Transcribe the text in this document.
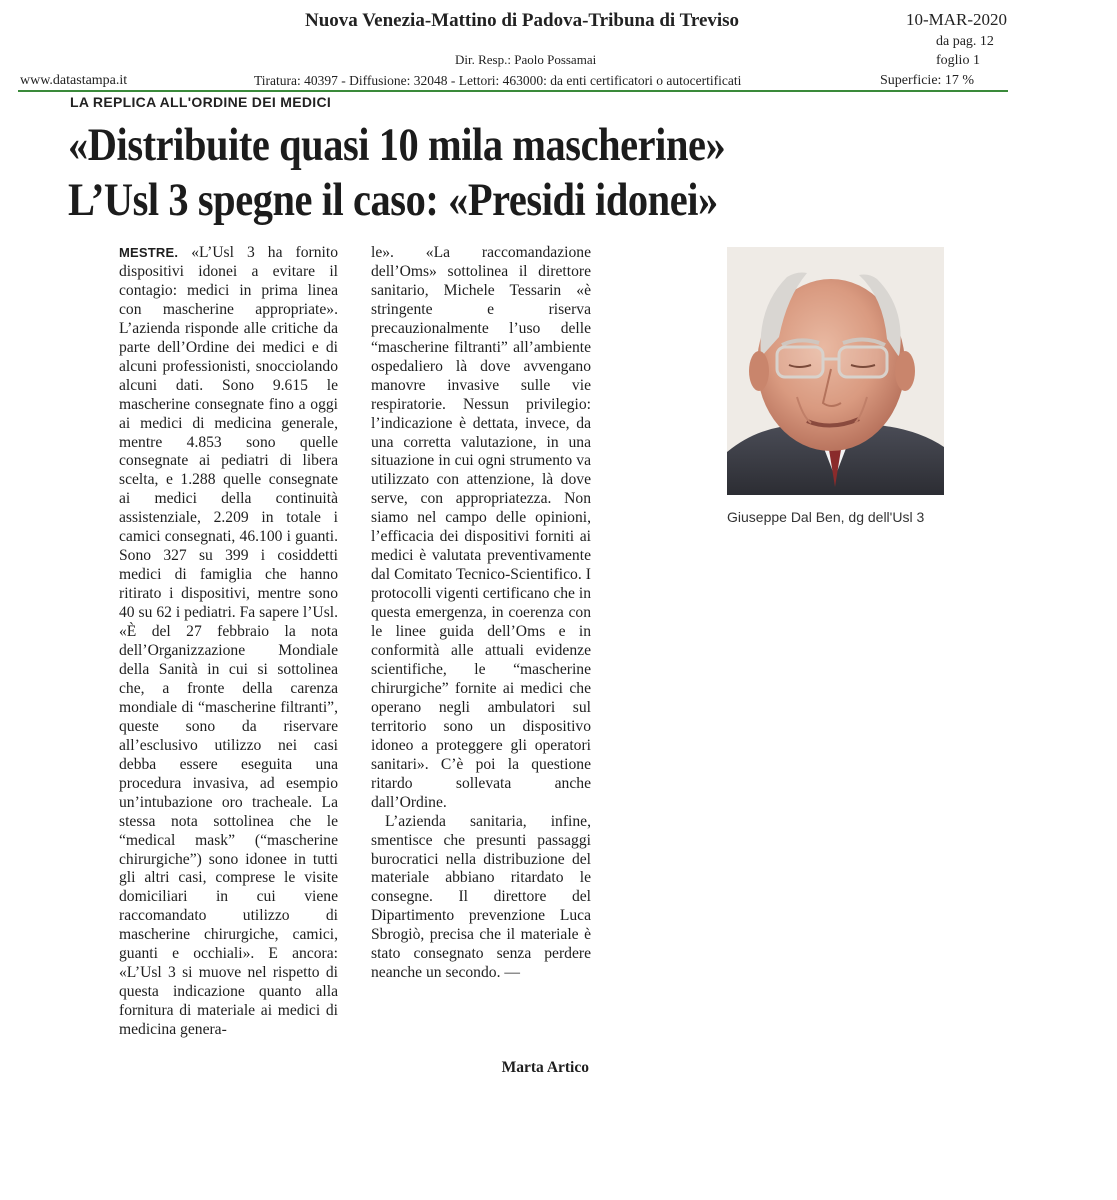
Nuova Venezia-Mattino di Padova-Tribuna di Treviso	10-MAR-2020
da pag. 12
foglio 1
Dir. Resp.: Paolo Possamai
www.datastampa.it	Tiratura: 40397 - Diffusione: 32048 - Lettori: 463000: da enti certificatori o autocertificati	Superficie: 17 %
LA REPLICA ALL'ORDINE DEI MEDICI
«Distribuite quasi 10 mila mascherine»
L’Usl 3 spegne il caso: «Presidi idonei»

MESTRE. «L’Usl 3 ha fornito dispositivi idonei a evitare il contagio: medici in prima linea con mascherine appropriate». L’azienda risponde alle critiche da parte dell’Ordine dei medici e di alcuni professionisti, snocciolando alcuni dati. Sono 9.615 le mascherine consegnate fino a oggi ai medici di medicina generale, mentre 4.853 sono quelle consegnate ai pediatri di libera scelta, e 1.288 quelle consegnate ai medici della continuità assistenziale, 2.209 in totale i camici consegnati, 46.100 i guanti. Sono 327 su 399 i cosiddetti medici di famiglia che hanno ritirato i dispositivi, mentre sono 40 su 62 i pediatri. Fa sapere l’Usl. «È del 27 febbraio la nota dell’Organizzazione Mondiale della Sanità in cui si sottolinea che, a fronte della carenza mondiale di “mascherine filtranti”, queste sono da riservare all’esclusivo utilizzo nei casi debba essere eseguita una procedura invasiva, ad esempio un’intubazione oro tracheale. La stessa nota sottolinea che le “medical mask” (“mascherine chirurgiche”) sono idonee in tutti gli altri casi, comprese le visite domiciliari in cui viene raccomandato utilizzo di mascherine chirurgiche, camici, guanti e occhiali». E ancora: «L’Usl 3 si muove nel rispetto di questa indicazione quanto alla fornitura di materiale ai medici di medicina genera-

le». «La raccomandazione dell’Oms» sottolinea il direttore sanitario, Michele Tessarin «è stringente e riserva precauzionalmente l’uso delle “mascherine filtranti” all’ambiente ospedaliero là dove avvengano manovre invasive sulle vie respiratorie. Nessun privilegio: l’indicazione è dettata, invece, da una corretta valutazione, in una situazione in cui ogni strumento va utilizzato con attenzione, là dove serve, con appropriatezza. Non siamo nel campo delle opinioni, l’efficacia dei dispositivi forniti ai medici è valutata preventivamente dal Comitato Tecnico-Scientifico. I protocolli vigenti certificano che in questa emergenza, in coerenza con le linee guida dell’Oms e in conformità alle attuali evidenze scientifiche, le “mascherine chirurgiche” fornite ai medici che operano negli ambulatori sul territorio sono un dispositivo idoneo a proteggere gli operatori sanitari». C’è poi la questione ritardo sollevata anche dall’Ordine.

L’azienda sanitaria, infine, smentisce che presunti passaggi burocratici nella distribuzione del materiale abbiano ritardato le consegne. Il direttore del Dipartimento prevenzione Luca Sbrogiò, precisa che il materiale è stato consegnato senza perdere neanche un secondo. —

Marta Artico
Giuseppe Dal Ben, dg dell'Usl 3
